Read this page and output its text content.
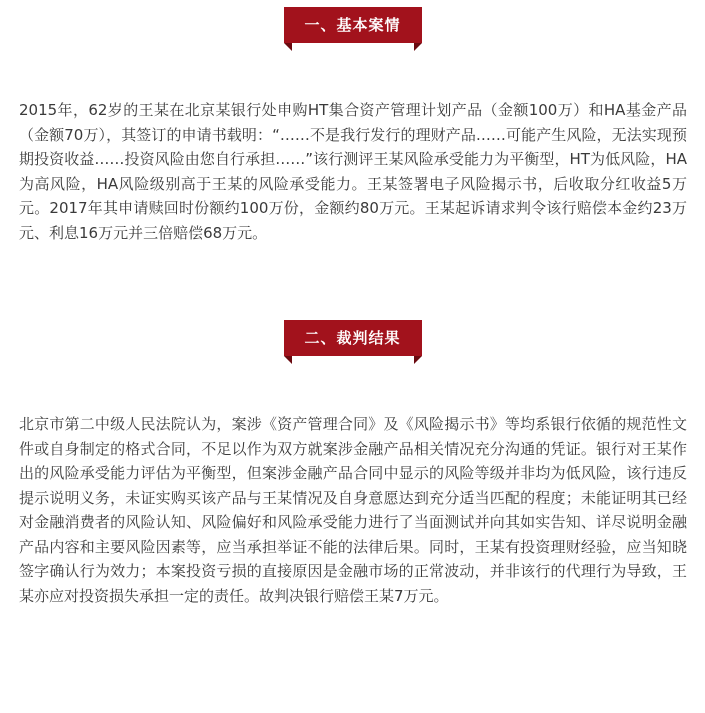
一、基本案情

2015年，62岁的王某在北京某银行处申购HT集合资产管理计划产品（金额100万）和HA基金产品（金额70万），其签订的申请书载明：“……不是我行发行的理财产品……可能产生风险，无法实现预期投资收益……投资风险由您自行承担……”该行测评王某风险承受能力为平衡型，HT为低风险，HA为高风险，HA风险级别高于王某的风险承受能力。王某签署电子风险揭示书，后收取分红收益5万元。2017年其申请赎回时份额约100万份，金额约80万元。王某起诉请求判令该行赔偿本金约23万元、利息16万元并三倍赔偿68万元。

二、裁判结果

北京市第二中级人民法院认为，案涉《资产管理合同》及《风险揭示书》等均系银行依循的规范性文件或自身制定的格式合同，不足以作为双方就案涉金融产品相关情况充分沟通的凭证。银行对王某作出的风险承受能力评估为平衡型，但案涉金融产品合同中显示的风险等级并非均为低风险，该行违反提示说明义务，未证实购买该产品与王某情况及自身意愿达到充分适当匹配的程度；未能证明其已经对金融消费者的风险认知、风险偏好和风险承受能力进行了当面测试并向其如实告知、详尽说明金融产品内容和主要风险因素等，应当承担举证不能的法律后果。同时，王某有投资理财经验，应当知晓签字确认行为效力；本案投资亏损的直接原因是金融市场的正常波动，并非该行的代理行为导致，王某亦应对投资损失承担一定的责任。故判决银行赔偿王某7万元。
